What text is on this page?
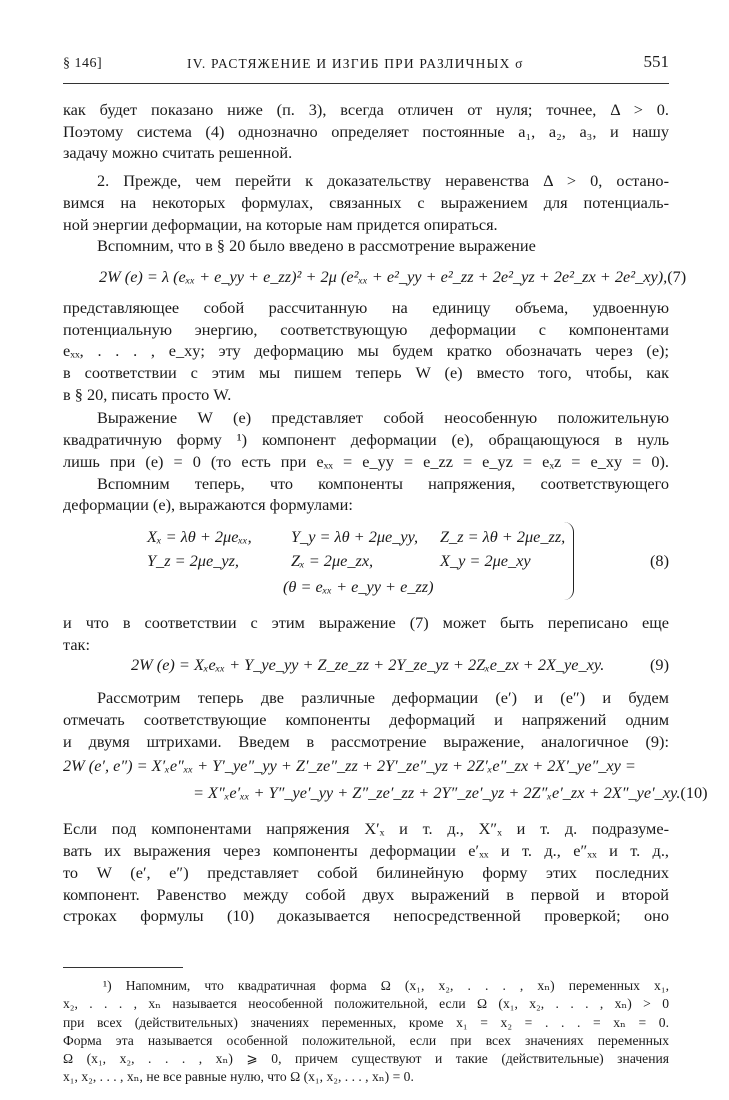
§ 146]	IV. РАСТЯЖЕНИЕ И ИЗГИБ ПРИ РАЗЛИЧНЫХ σ	551
как будет показано ниже (п. 3), всегда отличен от нуля; точнее, Δ > 0.
Поэтому система (4) однозначно определяет постоянные a₁, a₂, a₃, и нашу
задачу можно считать решенной.
2. Прежде, чем перейти к доказательству неравенства Δ > 0, остано-
вимся на некоторых формулах, связанных с выражением для потенциаль-
ной энергии деформации, на которые нам придется опираться.
Вспомним, что в § 20 было введено в рассмотрение выражение
2W (e) = λ (eₓₓ + e_yy + e_zz)² + 2μ (e²ₓₓ + e²_yy + e²_zz + 2e²_yz + 2e²_zx + 2e²_xy), (7)
представляющее собой рассчитанную на единицу объема, удвоенную
потенциальную энергию, соответствующую деформации с компонентами
eₓₓ, . . . , e_xy; эту деформацию мы будем кратко обозначать через (e);
в соответствии с этим мы пишем теперь W (e) вместо того, чтобы, как
в § 20, писать просто W.
Выражение W (e) представляет собой неособенную положительную
квадратичную форму ¹) компонент деформации (e), обращающуюся в нуль
лишь при (e) = 0 (то есть при eₓₓ = e_yy = e_zz = e_yz = eₓz = e_xy = 0).
Вспомним теперь, что компоненты напряжения, соответствующего
деформации (e), выражаются формулами:
Xₓ = λθ + 2μeₓₓ, Y_y = λθ + 2μe_yy, Z_z = λθ + 2μe_zz,
Y_z = 2μe_yz,	Zₓ = 2μe_zx,	X_y = 2μe_xy
(θ = eₓₓ + e_yy + e_zz)
(8)
и что в соответствии с этим выражение (7) может быть переписано еще
так:
2W (e) = Xₓeₓₓ + Y_ye_yy + Z_ze_zz + 2Y_ze_yz + 2Zₓe_zx + 2X_ye_xy.	(9)
Рассмотрим теперь две различные деформации (e′) и (e″) и будем
отмечать соответствующие компоненты деформаций и напряжений одним
и двумя штрихами. Введем в рассмотрение выражение, аналогичное (9):
2W (e′, e″) = X′ₓe″ₓₓ + Y′_ye″_yy + Z′_ze″_zz + 2Y′_ze″_yz + 2Z′ₓe″_zx + 2X′_ye″_xy =
= X″ₓe′ₓₓ + Y″_ye′_yy + Z″_ze′_zz + 2Y″_ze′_yz + 2Z″ₓe′_zx + 2X″_ye′_xy. (10)
Если под компонентами напряжения X′ₓ и т. д., X″ₓ и т. д. подразуме-
вать их выражения через компоненты деформации e′ₓₓ и т. д., e″ₓₓ и т. д.,
то W (e′, e″) представляет собой билинейную форму этих последних
компонент. Равенство между собой двух выражений в первой и второй
строках формулы (10) доказывается непосредственной проверкой; оно
¹) Напомним, что квадратичная форма Ω (x₁, x₂, . . . , xₙ) переменных x₁,
x₂, . . . , xₙ называется неособенной положительной, если Ω (x₁, x₂, . . . , xₙ) > 0
при всех (действительных) значениях переменных, кроме x₁ = x₂ = . . . = xₙ = 0.
Форма эта называется особенной положительной, если при всех значениях переменных
Ω (x₁, x₂, . . . , xₙ) ⩾ 0, причем существуют и такие (действительные) значения
x₁, x₂, . . . , xₙ, не все равные нулю, что Ω (x₁, x₂, . . . , xₙ) = 0.
